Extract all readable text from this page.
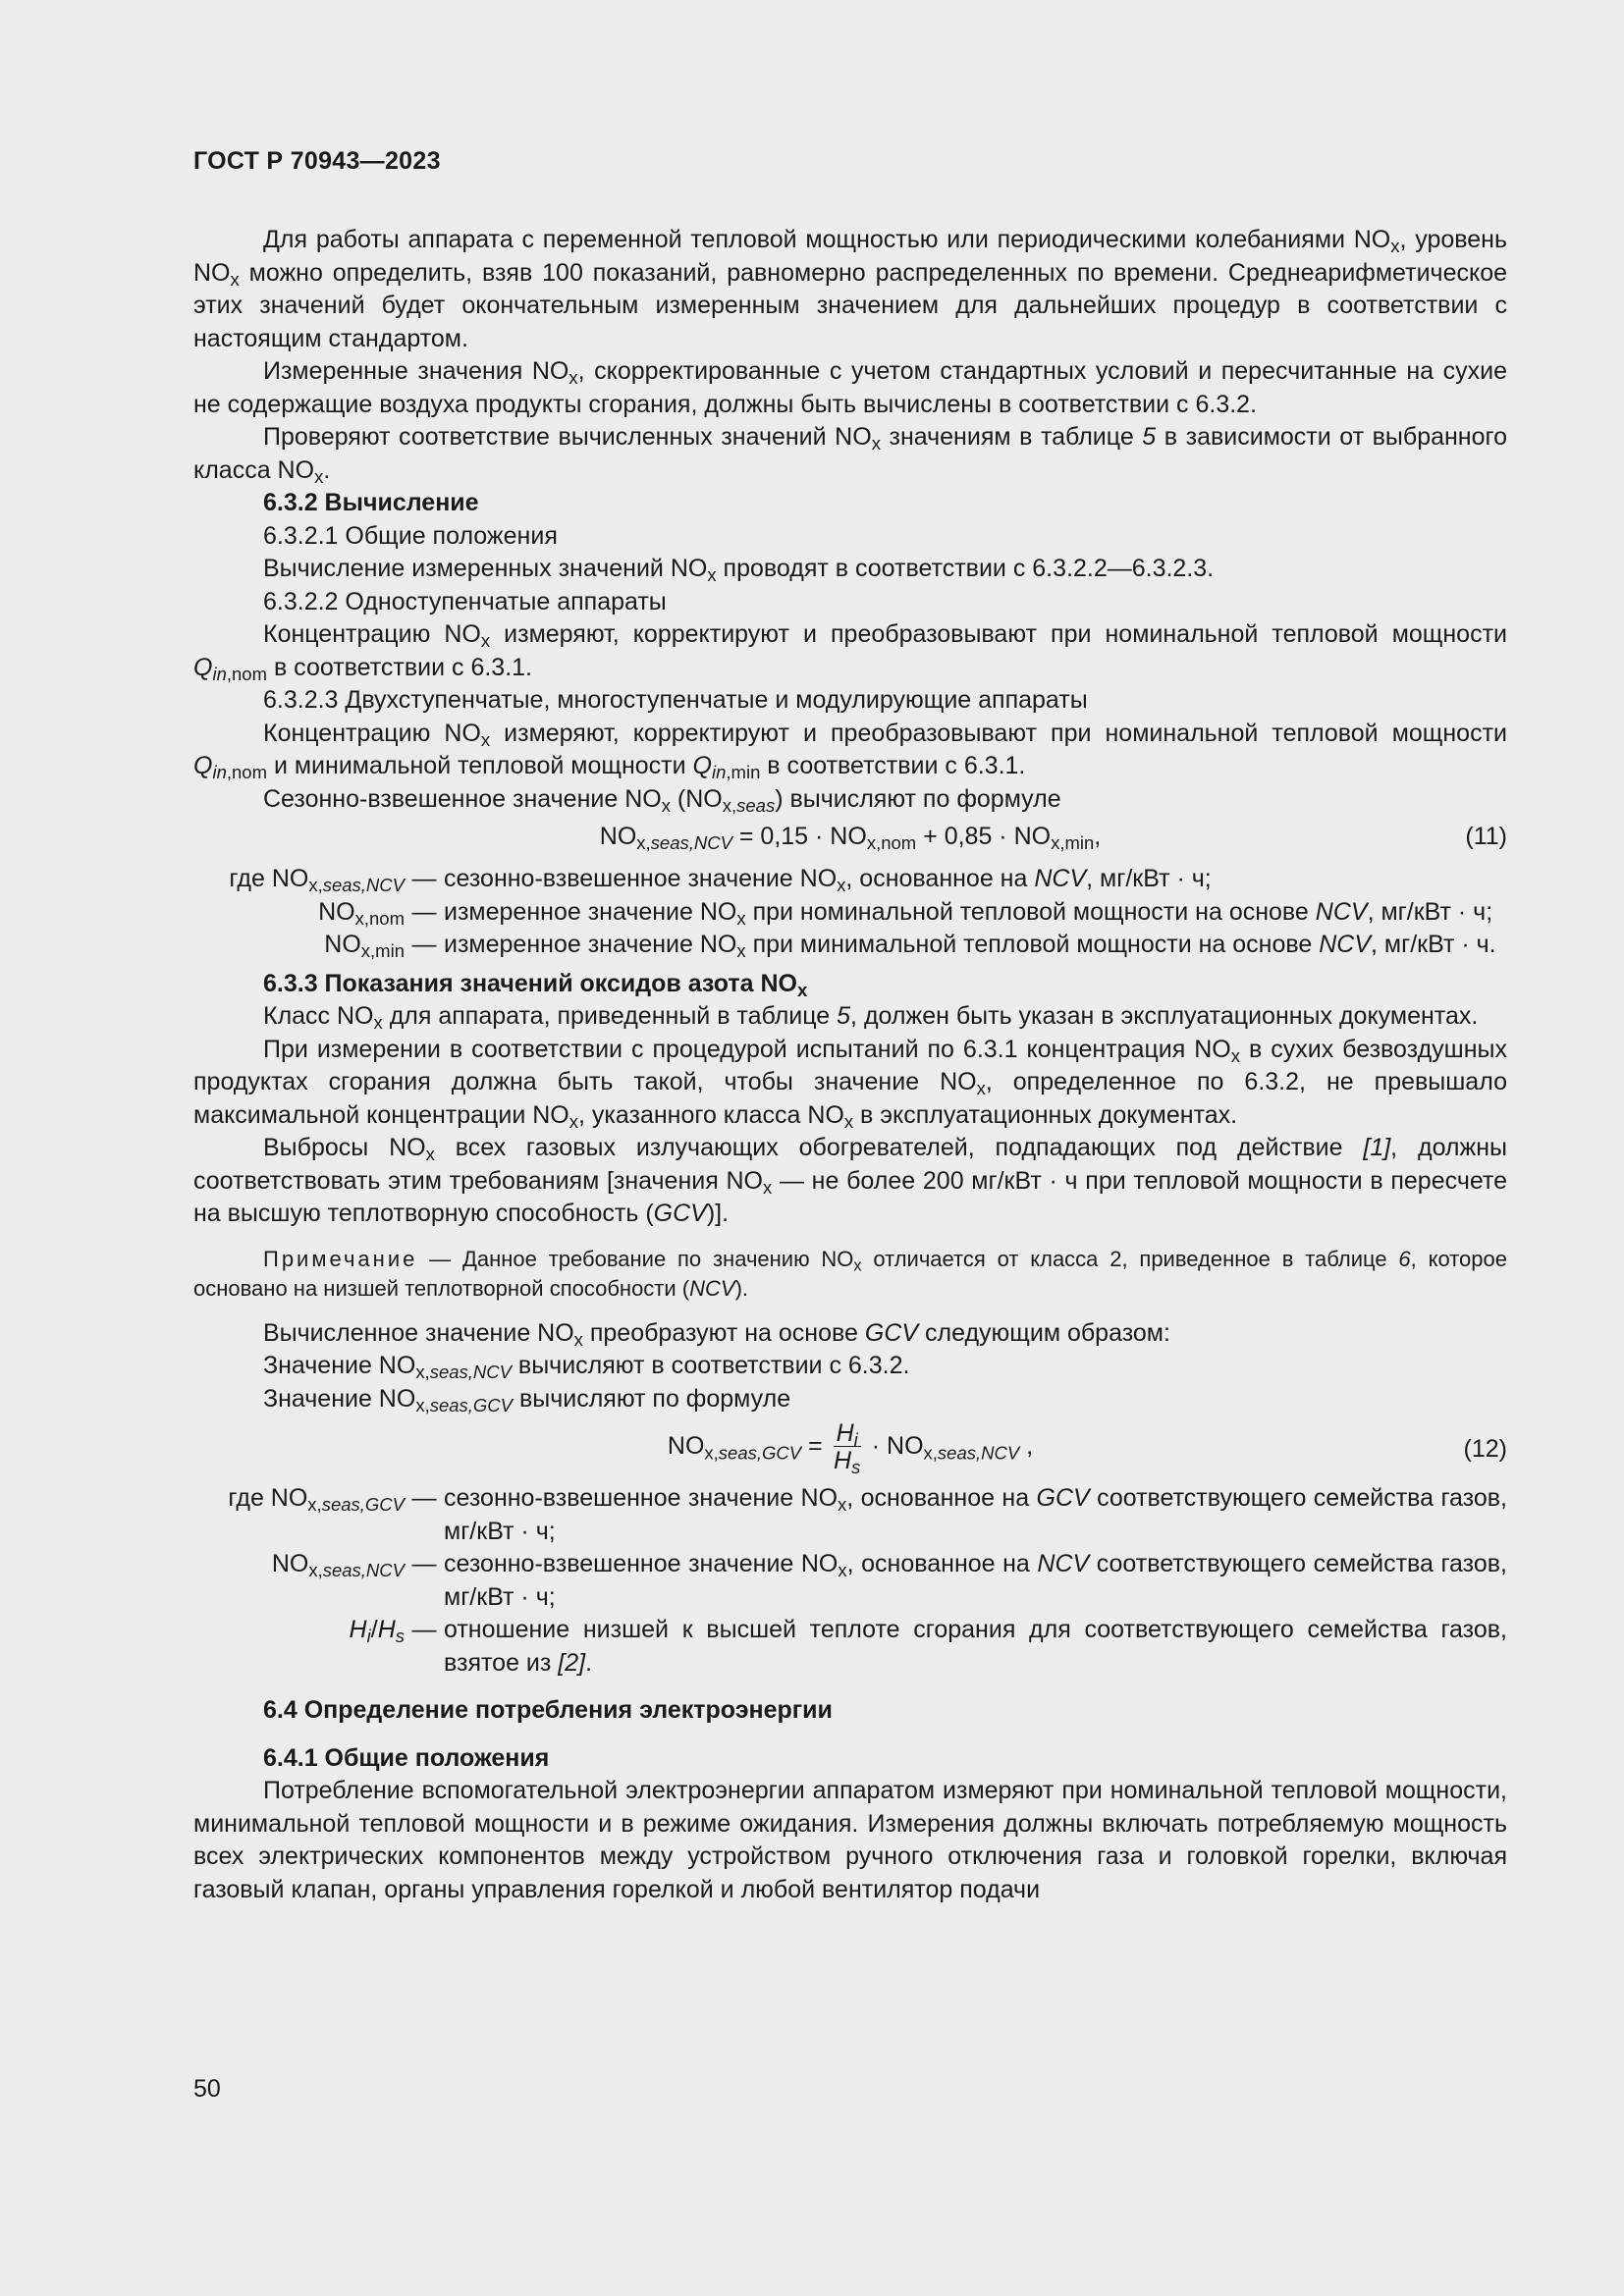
ГОСТ Р 70943—2023

Для работы аппарата с переменной тепловой мощностью или периодическими колебаниями $NO_x$, уровень $NO_x$ можно определить, взяв 100 показаний, равномерно распределенных по времени. Среднеарифметическое этих значений будет окончательным измеренным значением для дальнейших процедур в соответствии с настоящим стандартом.

Измеренные значения $NO_x$, скорректированные с учетом стандартных условий и пересчитанные на сухие не содержащие воздуха продукты сгорания, должны быть вычислены в соответствии с 6.3.2.

Проверяют соответствие вычисленных значений $NO_x$ значениям в таблице 5 в зависимости от выбранного класса $NO_x$.

6.3.2 Вычисление

6.3.2.1 Общие положения

Вычисление измеренных значений $NO_x$ проводят в соответствии с 6.3.2.2—6.3.2.3.

6.3.2.2 Одноступенчатые аппараты

Концентрацию $NO_x$ измеряют, корректируют и преобразовывают при номинальной тепловой мощности $Q_{in,nom}$ в соответствии с 6.3.1.

6.3.2.3 Двухступенчатые, многоступенчатые и модулирующие аппараты

Концентрацию $NO_x$ измеряют, корректируют и преобразовывают при номинальной тепловой мощности $Q_{in,nom}$ и минимальной тепловой мощности $Q_{in,min}$ в соответствии с 6.3.1.

Сезонно-взвешенное значение $NO_x$ $(NO_{x,seas})$ вычисляют по формуле

$NO_{x,seas,NCV} = 0,15 \cdot NO_{x,nom} + 0,85 \cdot NO_{x,min}$,	(11)
где $NO_{x,seas,NCV}$	—	сезонно-взвешенное значение $NO_x$, основанное на NCV, мг/кВт · ч;
$NO_{x,nom}$	—	измеренное значение $NO_x$ при номинальной тепловой мощности на основе NCV, мг/кВт · ч;
$NO_{x,min}$	—	измеренное значение $NO_x$ при минимальной тепловой мощности на основе NCV, мг/кВт · ч.

6.3.3 Показания значений оксидов азота $NO_x$

Класс $NO_x$ для аппарата, приведенный в таблице 5, должен быть указан в эксплуатационных документах.

При измерении в соответствии с процедурой испытаний по 6.3.1 концентрация $NO_x$ в сухих безвоздушных продуктах сгорания должна быть такой, чтобы значение $NO_x$, определенное по 6.3.2, не превышало максимальной концентрации $NO_x$, указанного класса $NO_x$ в эксплуатационных документах.

Выбросы $NO_x$ всех газовых излучающих обогревателей, подпадающих под действие [1], должны соответствовать этим требованиям [значения $NO_x$ — не более 200 мг/кВт · ч при тепловой мощности в пересчете на высшую теплотворную способность (GCV)].

Примечание — Данное требование по значению $NO_x$ отличается от класса 2, приведенное в таблице 6, которое основано на низшей теплотворной способности (NCV).

Вычисленное значение $NO_x$ преобразуют на основе GCV следующим образом:

Значение $NO_{x,seas,NCV}$ вычисляют в соответствии с 6.3.2.

Значение $NO_{x,seas,GCV}$ вычисляют по формуле

$NO_{x,seas,GCV} = \frac{H_i}{H_s} \cdot NO_{x,seas,NCV}$ ,	(12)
где $NO_{x,seas,GCV}$	—	сезонно-взвешенное значение $NO_x$, основанное на GCV соответствующего семейства газов, мг/кВт · ч;
$NO_{x,seas,NCV}$	—	сезонно-взвешенное значение $NO_x$, основанное на NCV соответствующего семейства газов, мг/кВт · ч;
$H_i/H_s$	—	отношение низшей к высшей теплоте сгорания для соответствующего семейства газов, взятое из [2].

6.4 Определение потребления электроэнергии

6.4.1 Общие положения

Потребление вспомогательной электроэнергии аппаратом измеряют при номинальной тепловой мощности, минимальной тепловой мощности и в режиме ожидания. Измерения должны включать потребляемую мощность всех электрических компонентов между устройством ручного отключения газа и головкой горелки, включая газовый клапан, органы управления горелкой и любой вентилятор подачи

50
